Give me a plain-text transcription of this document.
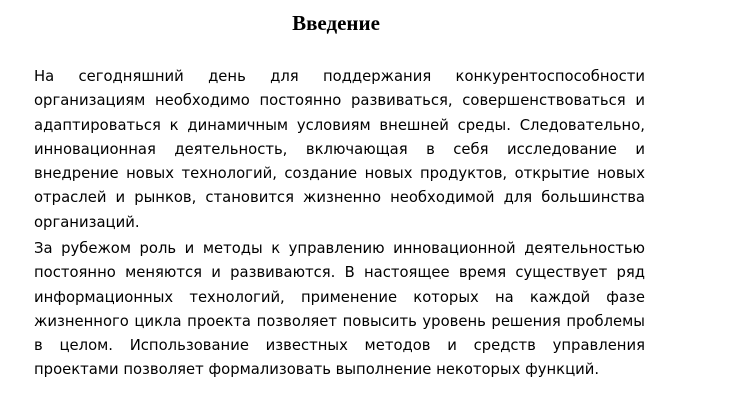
Введение

На сегодняшний день для поддержания конкурентоспособности организациям необходимо постоянно развиваться, совершенствоваться и адаптироваться к динамичным условиям внешней среды. Следовательно, инновационная деятельность, включающая в себя исследование и внедрение новых технологий, создание новых продуктов, открытие новых отраслей и рынков, становится жизненно необходимой для большинства организаций.

За рубежом роль и методы к управлению инновационной деятельностью постоянно меняются и развиваются. В настоящее время существует ряд информационных технологий, применение которых на каждой фазе жизненного цикла проекта позволяет повысить уровень решения проблемы в целом. Использование известных методов и средств управления проектами позволяет формализовать выполнение некоторых функций.
